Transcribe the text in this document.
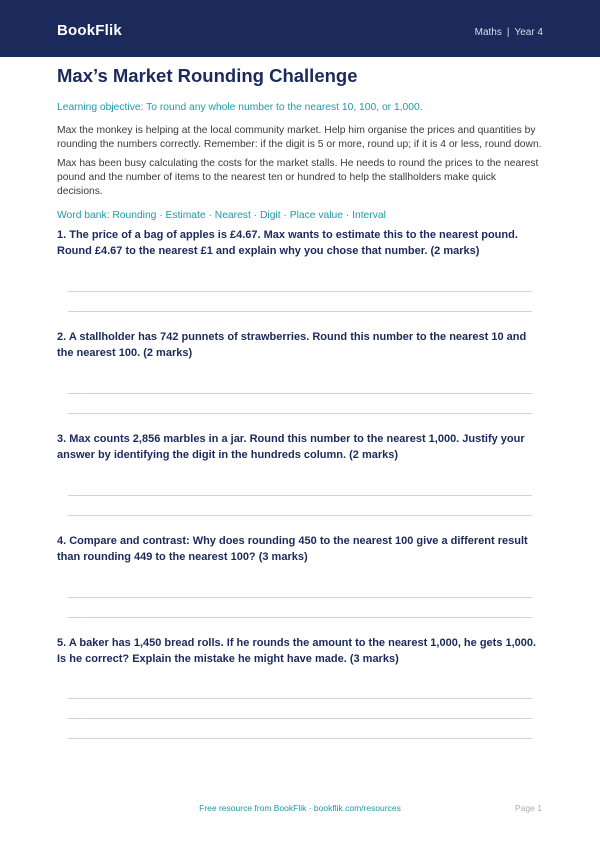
BookFlik	Maths | Year 4
Max’s Market Rounding Challenge
Learning objective: To round any whole number to the nearest 10, 100, or 1,000.
Max the monkey is helping at the local community market. Help him organise the prices and quantities by rounding the numbers correctly. Remember: if the digit is 5 or more, round up; if it is 4 or less, round down.
Max has been busy calculating the costs for the market stalls. He needs to round the prices to the nearest pound and the number of items to the nearest ten or hundred to help the stallholders make quick decisions.
Word bank: Rounding · Estimate · Nearest · Digit · Place value · Interval
1. The price of a bag of apples is £4.67. Max wants to estimate this to the nearest pound. Round £4.67 to the nearest £1 and explain why you chose that number. (2 marks)
2. A stallholder has 742 punnets of strawberries. Round this number to the nearest 10 and the nearest 100. (2 marks)
3. Max counts 2,856 marbles in a jar. Round this number to the nearest 1,000. Justify your answer by identifying the digit in the hundreds column. (2 marks)
4. Compare and contrast: Why does rounding 450 to the nearest 100 give a different result than rounding 449 to the nearest 100? (3 marks)
5. A baker has 1,450 bread rolls. If he rounds the amount to the nearest 1,000, he gets 1,000. Is he correct? Explain the mistake he might have made. (3 marks)
Free resource from BookFlik · bookflik.com/resources	Page 1
